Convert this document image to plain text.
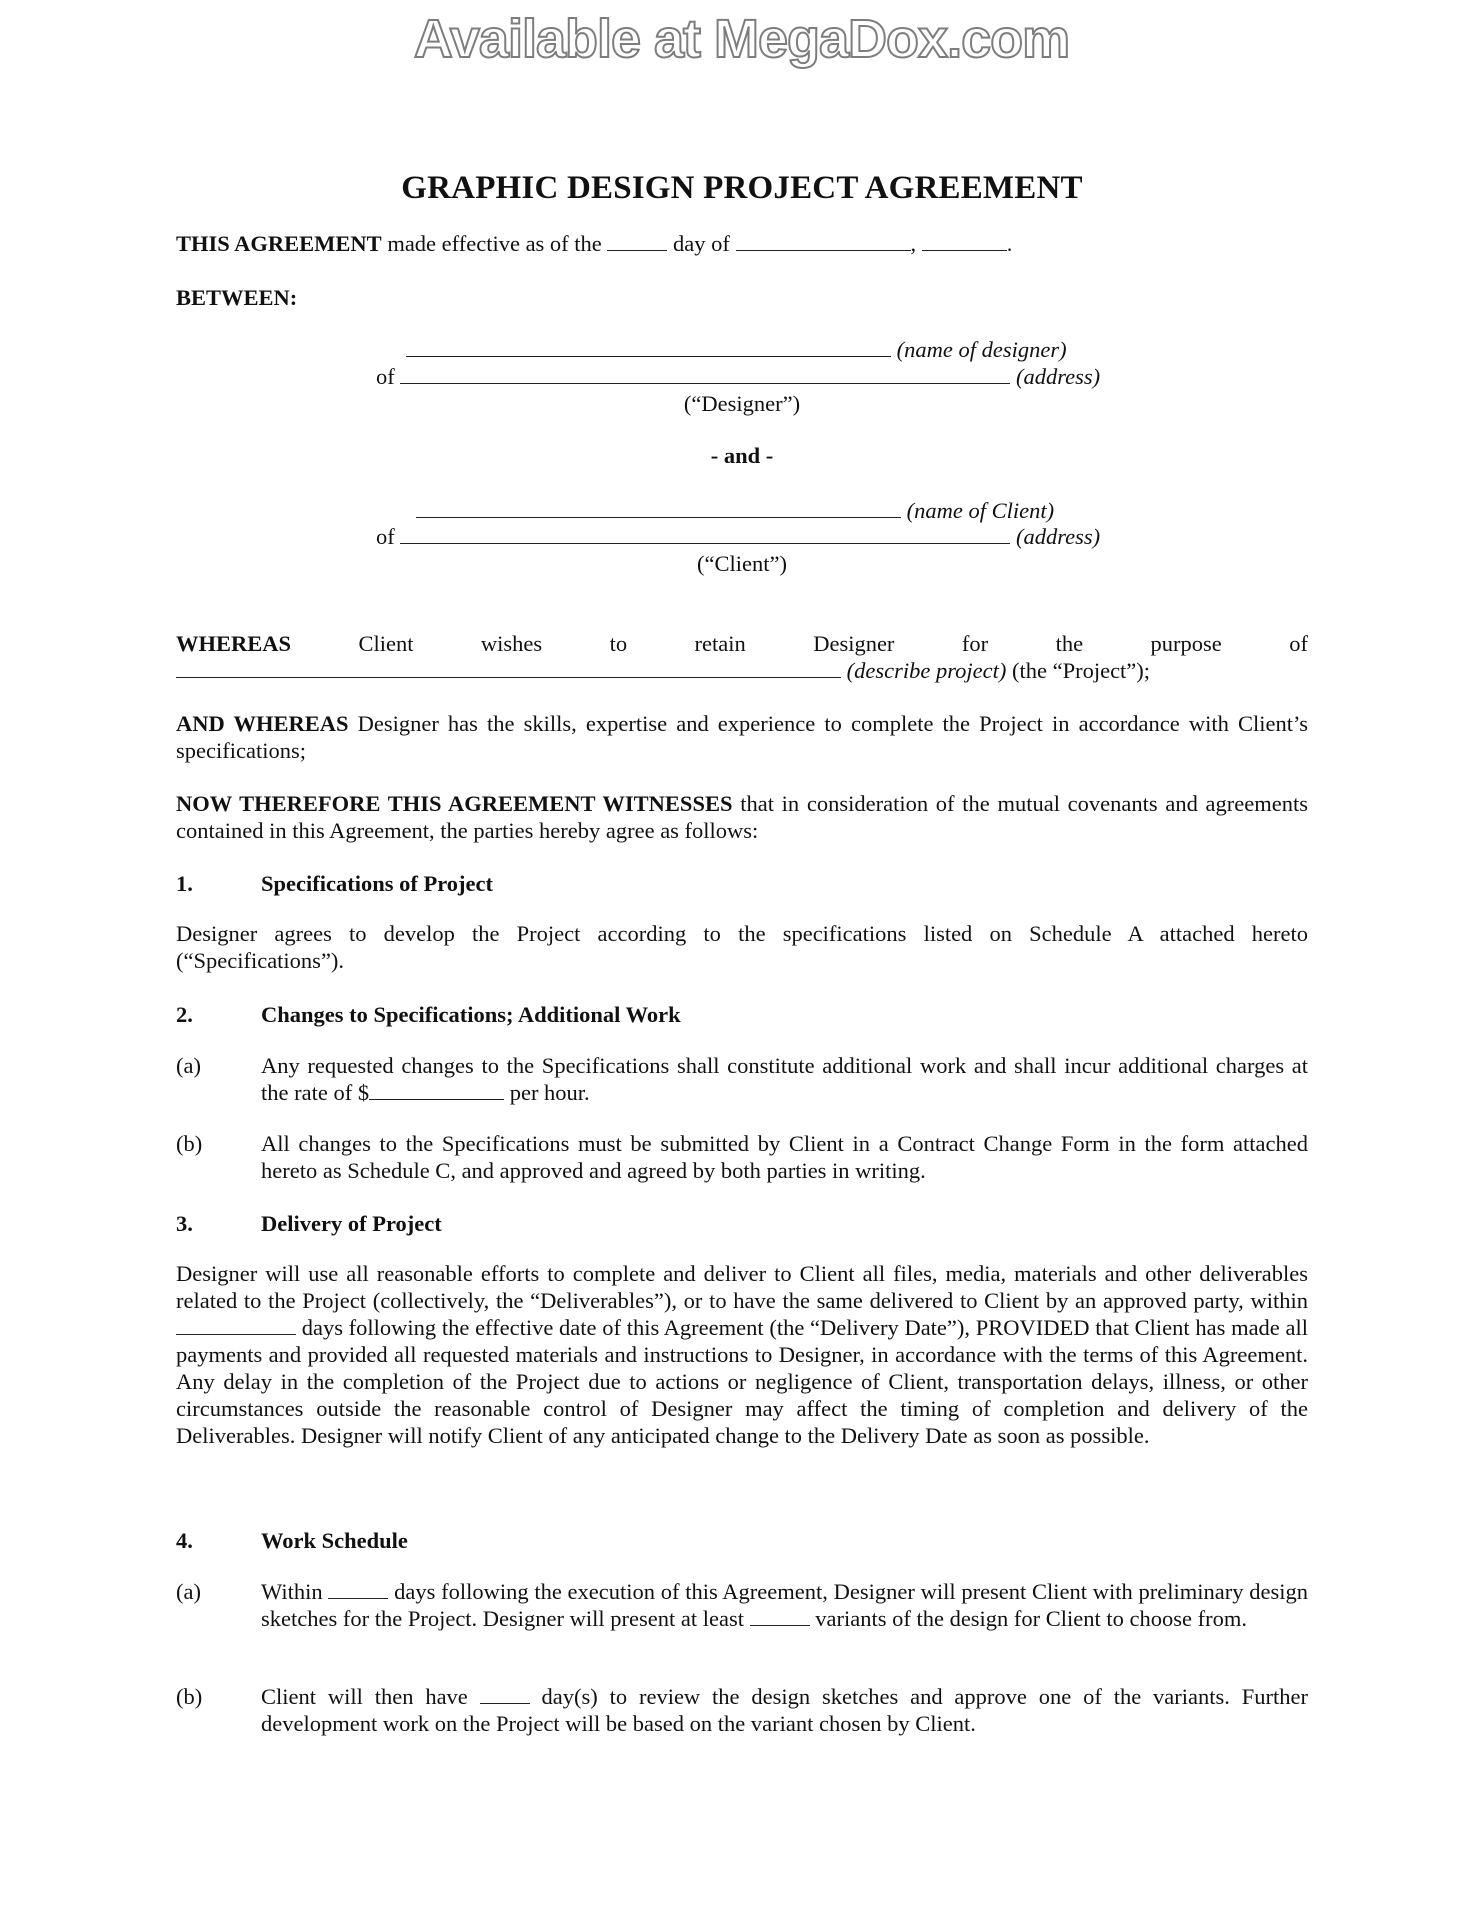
Available at MegaDox.com
GRAPHIC DESIGN PROJECT AGREEMENT
THIS AGREEMENT made effective as of the	day of	,	.
BETWEEN:
(name of designer)
of	(address)
(“Designer”)
- and -
(name of Client)
of	(address)
(“Client”)
WHEREAS	Client	wishes	to	retain	Designer	for	the	purpose	of
(describe project) (the “Project”);
AND WHEREAS Designer has the skills, expertise and experience to complete the Project in accordance with Client’s specifications;
NOW THEREFORE THIS AGREEMENT WITNESSES that in consideration of the mutual covenants and agreements contained in this Agreement, the parties hereby agree as follows:
1.	Specifications of Project
Designer agrees to develop the Project according to the specifications listed on Schedule A attached hereto (“Specifications”).
2.	Changes to Specifications; Additional Work
(a)	Any requested changes to the Specifications shall constitute additional work and shall incur additional charges at the rate of $	per hour.
(b)	All changes to the Specifications must be submitted by Client in a Contract Change Form in the form attached hereto as Schedule C, and approved and agreed by both parties in writing.
3.	Delivery of Project
Designer will use all reasonable efforts to complete and deliver to Client all files, media, materials and other deliverables related to the Project (collectively, the “Deliverables”), or to have the same delivered to Client by an approved party, within  days following the effective date of this Agreement (the “Delivery Date”), PROVIDED that Client has made all payments and provided all requested materials and instructions to Designer, in accordance with the terms of this Agreement. Any delay in the completion of the Project due to actions or negligence of Client, transportation delays, illness, or other circumstances outside the reasonable control of Designer may affect the timing of completion and delivery of the Deliverables. Designer will notify Client of any anticipated change to the Delivery Date as soon as possible.
4.	Work Schedule
(a)	Within	days following the execution of this Agreement, Designer will present Client with preliminary design sketches for the Project. Designer will present at least	variants of the design for Client to choose from.
(b)	Client will then have  day(s) to review the design sketches and approve one of the variants. Further development work on the Project will be based on the variant chosen by Client.
